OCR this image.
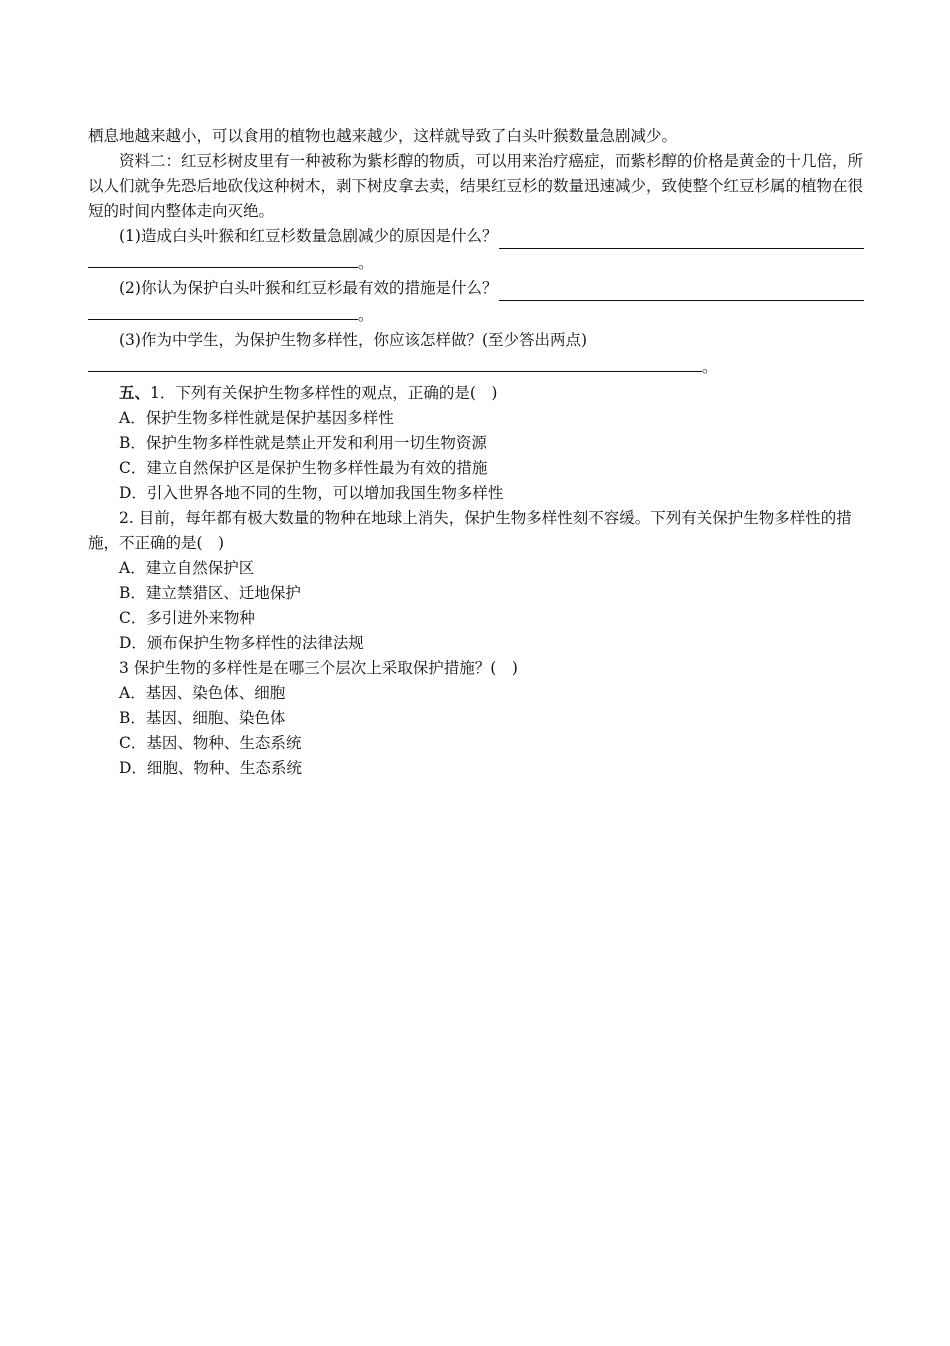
栖息地越来越小，可以食用的植物也越来越少，这样就导致了白头叶猴数量急剧减少。

资料二：红豆杉树皮里有一种被称为紫杉醇的物质，可以用来治疗癌症，而紫杉醇的价格是黄金的十几倍，所以人们就争先恐后地砍伐这种树木，剥下树皮拿去卖，结果红豆杉的数量迅速减少，致使整个红豆杉属的植物在很短的时间内整体走向灭绝。

(1)造成白头叶猴和红豆杉数量急剧减少的原因是什么？
。
(2)你认为保护白头叶猴和红豆杉最有效的措施是什么？
。

(3)作为中学生，为保护生物多样性，你应该怎样做？(至少答出两点)

。

五、1．下列有关保护生物多样性的观点，正确的是(　)

A．保护生物多样性就是保护基因多样性

B．保护生物多样性就是禁止开发和利用一切生物资源

C．建立自然保护区是保护生物多样性最为有效的措施

D．引入世界各地不同的生物，可以增加我国生物多样性

2. 目前，每年都有极大数量的物种在地球上消失，保护生物多样性刻不容缓。下列有关保护生物多样性的措施，不正确的是(　)

A．建立自然保护区

B．建立禁猎区、迁地保护

C．多引进外来物种

D．颁布保护生物多样性的法律法规

3 保护生物的多样性是在哪三个层次上采取保护措施？(　)

A．基因、染色体、细胞

B．基因、细胞、染色体

C．基因、物种、生态系统

D．细胞、物种、生态系统
